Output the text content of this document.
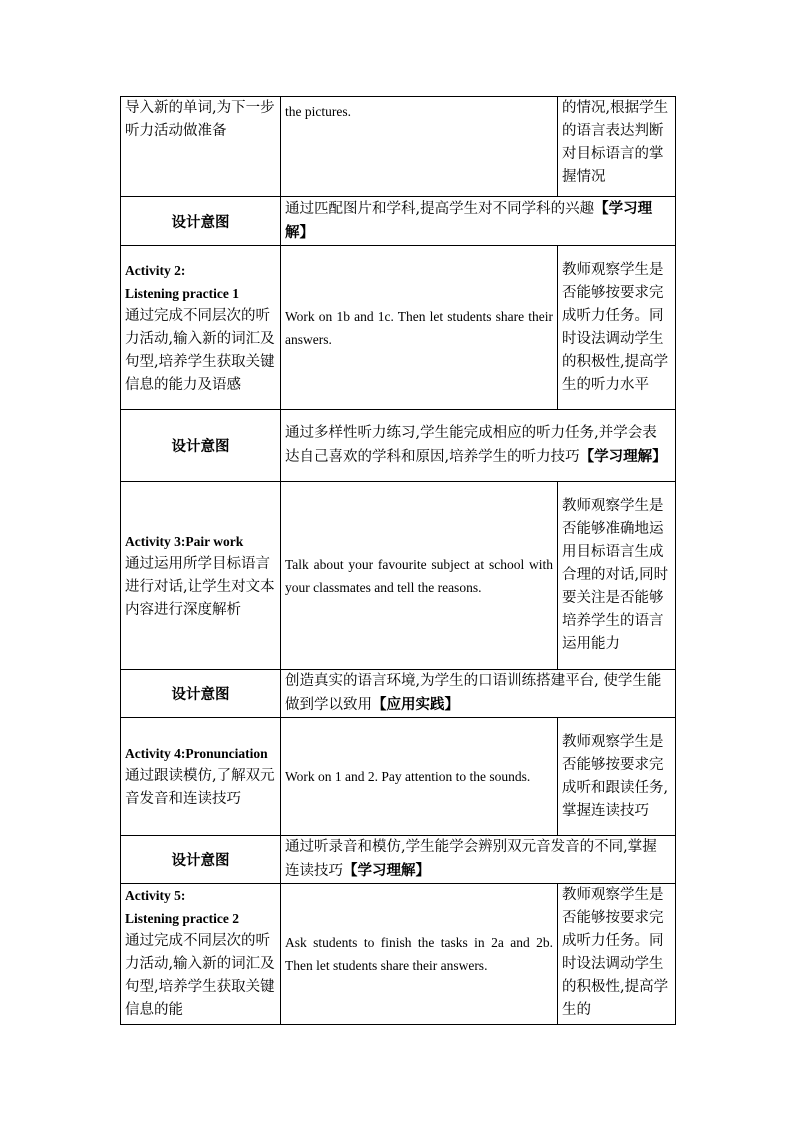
导入新的单词,为下一步听力活动做准备	the pictures.	的情况,根据学生的语言表达判断对目标语言的掌握情况
设计意图	通过匹配图片和学科,提高学生对不同学科的兴趣【学习理解】	

Activity 2:
Listening practice 1
通过完成不同层次的听力活动,输入新的词汇及句型,培养学生获取关键信息的能力及语感	Work on 1b and 1c. Then let students share their answers.	教师观察学生是否能够按要求完成听力任务。同时设法调动学生的积极性,提高学生的听力水平
设计意图	通过多样性听力练习,学生能完成相应的听力任务,并学会表达自己喜欢的学科和原因,培养学生的听力技巧【学习理解】	

Activity 3:Pair work
通过运用所学目标语言进行对话,让学生对文本内容进行深度解析	Talk about your favourite subject at school with your classmates and tell the reasons.	教师观察学生是否能够准确地运用目标语言生成合理的对话,同时要关注是否能够培养学生的语言运用能力
设计意图	创造真实的语言环境,为学生的口语训练搭建平台, 使学生能做到学以致用【应用实践】	

Activity 4:Pronunciation
通过跟读模仿,了解双元音发音和连读技巧	Work on 1 and 2. Pay attention to the sounds.	教师观察学生是否能够按要求完成听和跟读任务,掌握连读技巧
设计意图	通过听录音和模仿,学生能学会辨别双元音发音的不同,掌握连读技巧【学习理解】	

Activity 5:
Listening practice 2
通过完成不同层次的听力活动,输入新的词汇及句型,培养学生获取关键信息的能	Ask students to finish the tasks in 2a and 2b. Then let students share their answers.	教师观察学生是否能够按要求完成听力任务。同时设法调动学生的积极性,提高学生的
